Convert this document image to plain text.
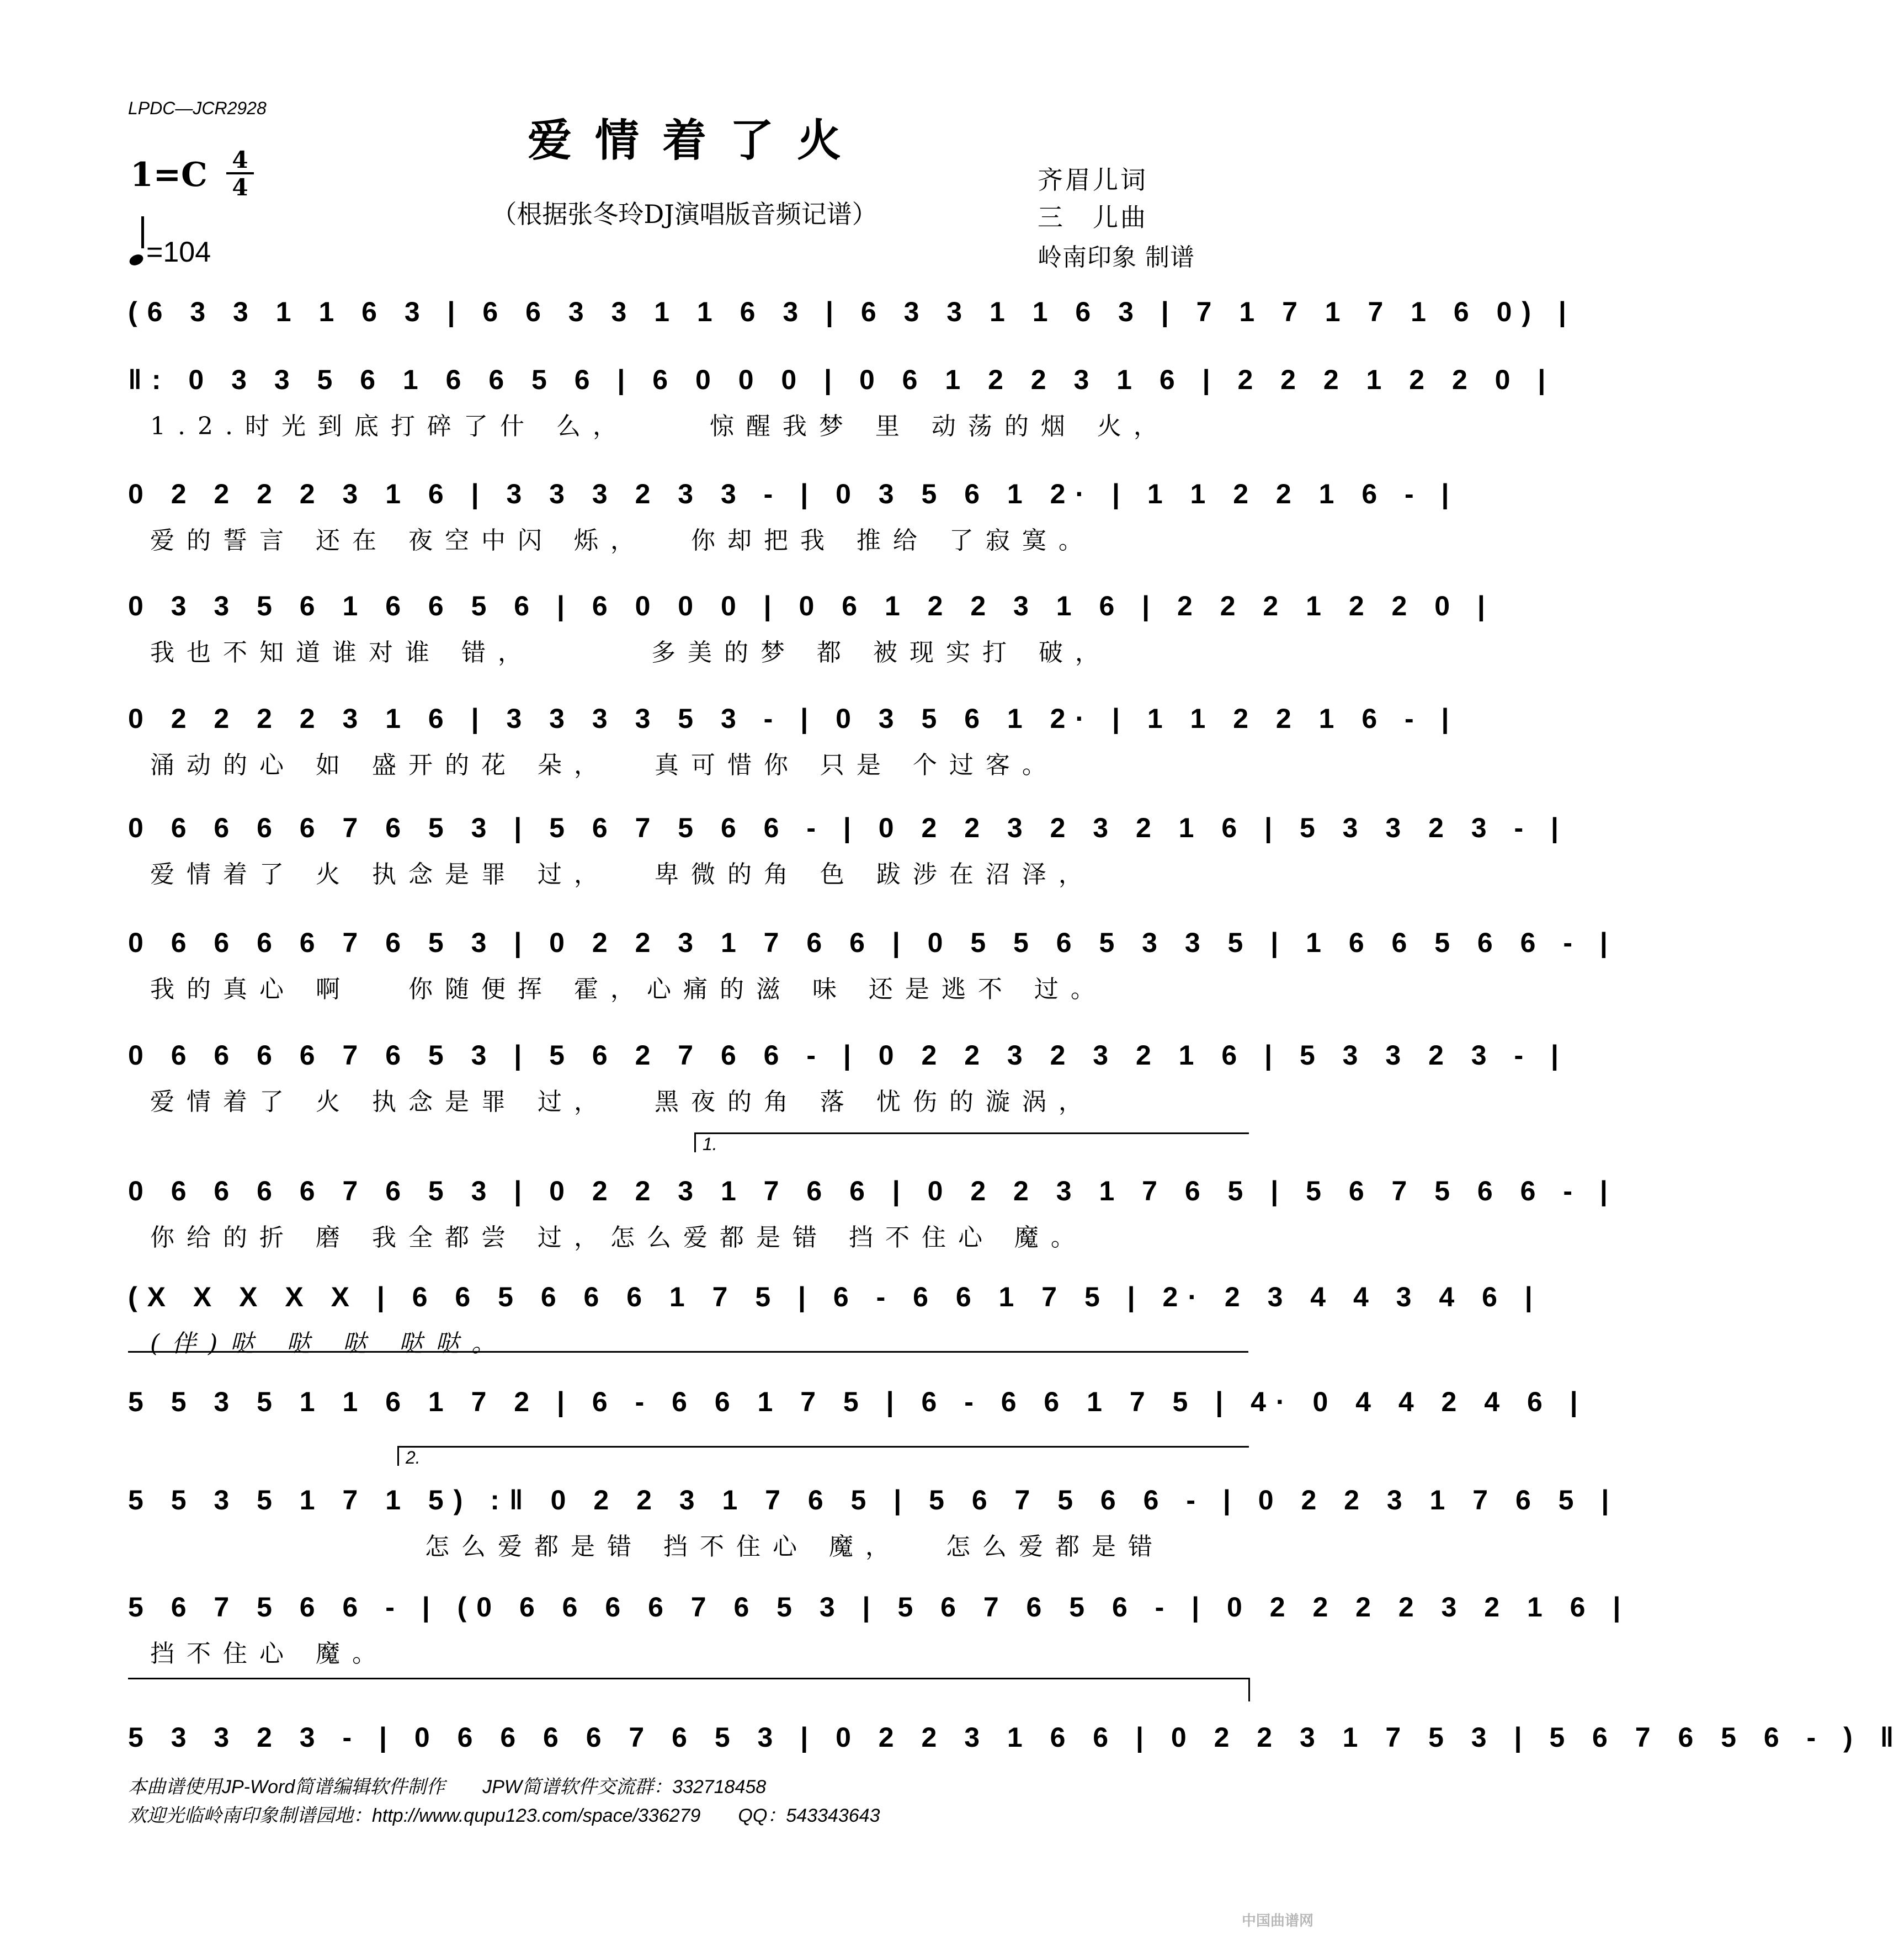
LPDC—JCR2928
爱情着了火
（根据张冬玲DJ演唱版音频记谱）
1=C 4
4
=104
齐眉儿词
三　儿曲
岭南印象 制谱
(6 3 3 1 1 6 3 | 6 6 3 3 1 1 6 3 | 6 3 3 1 1 6 3 | 7 1 7 1 7 1 6 0) |
‖: 0 3 3 5 6 1 6 6 5 6 | 6 0 0 0 | 0 6 1 2 2 3 1 6 | 2 2 2 1 2 2 0 |
1.2.时光到底打碎了什 么，　　 惊醒我梦 里 动荡的烟 火，
0 2 2 2 2 3 1 6 | 3 3 3 2 3 3 - | 0 3 5 6 1 2· | 1 1 2 2 1 6 - |
爱的誓言 还在 夜空中闪 烁，　 你却把我 推给 了寂寞。
0 3 3 5 6 1 6 6 5 6 | 6 0 0 0 | 0 6 1 2 2 3 1 6 | 2 2 2 1 2 2 0 |
我也不知道谁对谁 错，　　　 多美的梦 都 被现实打 破，
0 2 2 2 2 3 1 6 | 3 3 3 3 5 3 - | 0 3 5 6 1 2· | 1 1 2 2 1 6 - |
涌动的心 如 盛开的花 朵，　 真可惜你 只是 个过客。
0 6 6 6 6 7 6 5 3 | 5 6 7 5 6 6 - | 0 2 2 3 2 3 2 1 6 | 5 3 3 2 3 - |
爱情着了 火 执念是罪 过，　 卑微的角 色 跋涉在沼泽，
0 6 6 6 6 7 6 5 3 | 0 2 2 3 1 7 6 6 | 0 5 5 6 5 3 3 5 | 1 6 6 5 6 6 - |
我的真心 啊　 你随便挥 霍，心痛的滋 味 还是逃不 过。
0 6 6 6 6 7 6 5 3 | 5 6 2 7 6 6 - | 0 2 2 3 2 3 2 1 6 | 5 3 3 2 3 - |
爱情着了 火 执念是罪 过，　 黑夜的角 落 忧伤的漩涡，
0 6 6 6 6 7 6 5 3 | 0 2 2 3 1 7 6 6 | 0 2 2 3 1 7 6 5 | 5 6 7 5 6 6 - |
你给的折 磨 我全都尝 过，怎么爱都是错 挡不住心 魔。
(X X X X X | 6 6 5 6 6 6 1 7 5 | 6 - 6 6 1 7 5 | 2· 2 3 4 4 3 4 6 |
(伴)哒 哒 哒 哒哒。
5 5 3 5 1 1 6 1 7 2 | 6 - 6 6 1 7 5 | 6 - 6 6 1 7 5 | 4· 0 4 4 2 4 6 |
5 5 3 5 1 7 1 5) :‖ 0 2 2 3 1 7 6 5 | 5 6 7 5 6 6 - | 0 2 2 3 1 7 6 5 |
　　　　　　　 怎么爱都是错 挡不住心 魔，　 怎么爱都是错
5 6 7 5 6 6 - | (0 6 6 6 6 7 6 5 3 | 5 6 7 6 5 6 - | 0 2 2 2 2 3 2 1 6 |
挡不住心 魔。
5 3 3 2 3 - | 0 6 6 6 6 7 6 5 3 | 0 2 2 3 1 6 6 | 0 2 2 3 1 7 5 3 | 5 6 7 6 5 6 - ) ‖
1.
2.
本曲谱使用JP-Word简谱编辑软件制作　　JPW简谱软件交流群：332718458
欢迎光临岭南印象制谱园地：http://www.qupu123.com/space/336279　　QQ：543343643
中国曲谱网
